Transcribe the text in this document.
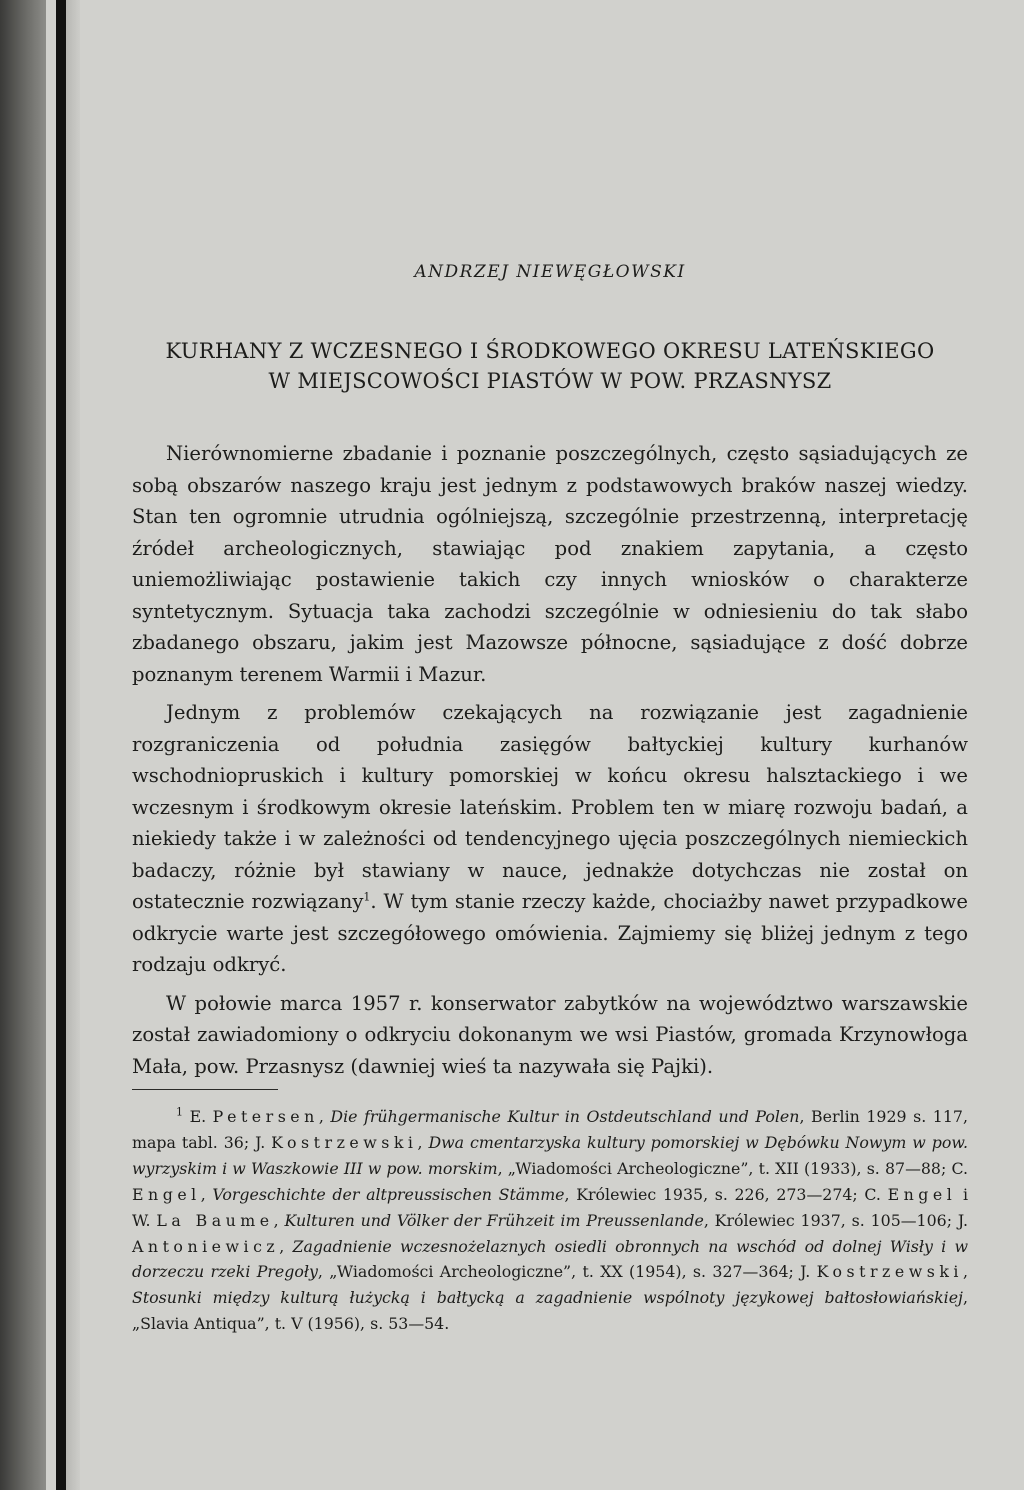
ANDRZEJ NIEWĘGŁOWSKI
KURHANY Z WCZESNEGO I ŚRODKOWEGO OKRESU LATEŃSKIEGO
W MIEJSCOWOŚCI PIASTÓW W POW. PRZASNYSZ

Nierównomierne zbadanie i poznanie poszczególnych, często sąsiadujących ze sobą obszarów naszego kraju jest jednym z podstawowych braków naszej wiedzy. Stan ten ogromnie utrudnia ogólniejszą, szczególnie przestrzenną, interpretację źródeł archeologicznych, stawiając pod znakiem zapytania, a często uniemożliwiając postawienie takich czy innych wniosków o charakterze syntetycznym. Sytuacja taka zachodzi szczególnie w odniesieniu do tak słabo zbadanego obszaru, jakim jest Mazowsze północne, sąsiadujące z dość dobrze poznanym terenem Warmii i Mazur.

Jednym z problemów czekających na rozwiązanie jest zagadnienie rozgraniczenia od południa zasięgów bałtyckiej kultury kurhanów wschodniopruskich i kultury pomorskiej w końcu okresu halsztackiego i we wczesnym i środkowym okresie lateńskim. Problem ten w miarę rozwoju badań, a niekiedy także i w zależności od tendencyjnego ujęcia poszczególnych niemieckich badaczy, różnie był stawiany w nauce, jednakże dotychczas nie został on ostatecznie rozwiązany$^1$. W tym stanie rzeczy każde, chociażby nawet przypadkowe odkrycie warte jest szczegółowego omówienia. Zajmiemy się bliżej jednym z tego rodzaju odkryć.

W połowie marca 1957 r. konserwator zabytków na województwo warszawskie został zawiadomiony o odkryciu dokonanym we wsi Piastów, gromada Krzynowłoga Mała, pow. Przasnysz (dawniej wieś ta nazywała się Pajki).

$^1$ E. Petersen, Die frühgermanische Kultur in Ostdeutschland und Polen, Berlin 1929 s. 117, mapa tabl. 36; J. Kostrzewski, Dwa cmentarzyska kultury pomorskiej w Dębówku Nowym w pow. wyrzyskim i w Waszkowie III w pow. morskim, „Wiadomości Archeologiczne”, t. XII (1933), s. 87—88; C. Engel, Vorgeschichte der altpreussischen Stämme, Królewiec 1935, s. 226, 273—274; C. Engel i W. La Baume, Kulturen und Völker der Frühzeit im Preussenlande, Królewiec 1937, s. 105—106; J. Antoniewicz, Zagadnienie wczesnożelaznych osiedli obronnych na wschód od dolnej Wisły i w dorzeczu rzeki Pregoły, „Wiadomości Archeologiczne”, t. XX (1954), s. 327—364; J. Kostrzewski, Stosunki między kulturą łużycką i bałtycką a zagadnienie wspólnoty językowej bałtosłowiańskiej, „Slavia Antiqua”, t. V (1956), s. 53—54.
